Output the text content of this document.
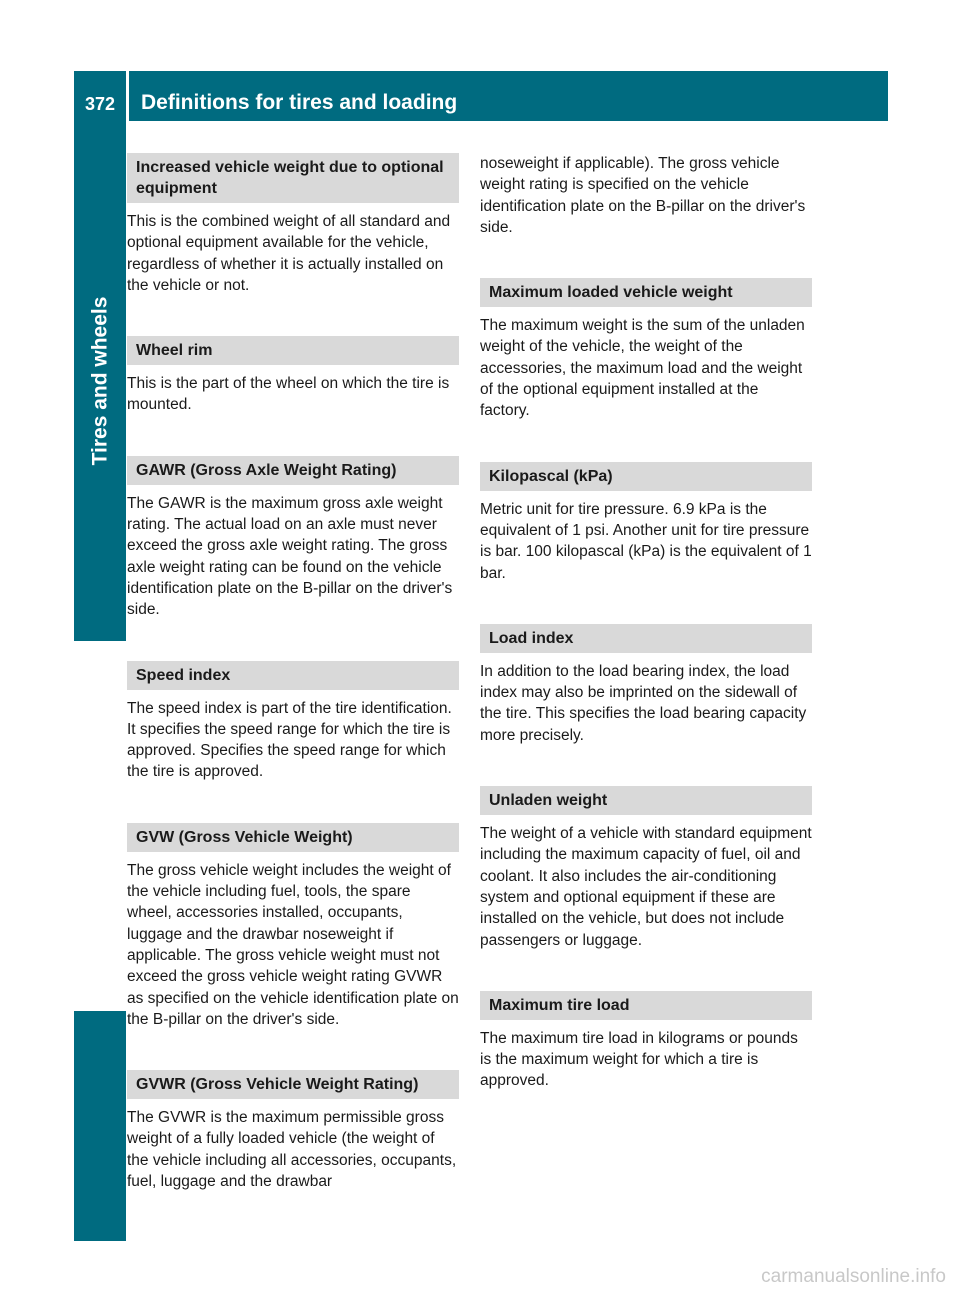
372	Definitions for tires and loading
Tires and wheels
Increased vehicle weight due to optional equipment

This is the combined weight of all standard and optional equipment available for the vehicle, regardless of whether it is actually installed on the vehicle or not.

Wheel rim

This is the part of the wheel on which the tire is mounted.

GAWR (Gross Axle Weight Rating)

The GAWR is the maximum gross axle weight rating. The actual load on an axle must never exceed the gross axle weight rating. The gross axle weight rating can be found on the vehicle identification plate on the B-pillar on the driver's side.

Speed index

The speed index is part of the tire identification. It specifies the speed range for which the tire is approved. Specifies the speed range for which the tire is approved.

GVW (Gross Vehicle Weight)

The gross vehicle weight includes the weight of the vehicle including fuel, tools, the spare wheel, accessories installed, occupants, luggage and the drawbar noseweight if applicable. The gross vehicle weight must not exceed the gross vehicle weight rating GVWR as specified on the vehicle identification plate on the B-pillar on the driver's side.

GVWR (Gross Vehicle Weight Rating)

The GVWR is the maximum permissible gross weight of a fully loaded vehicle (the weight of the vehicle including all accessories, occupants, fuel, luggage and the drawbar

noseweight if applicable). The gross vehicle weight rating is specified on the vehicle identification plate on the B-pillar on the driver's side.

Maximum loaded vehicle weight

The maximum weight is the sum of the unladen weight of the vehicle, the weight of the accessories, the maximum load and the weight of the optional equipment installed at the factory.

Kilopascal (kPa)

Metric unit for tire pressure. 6.9 kPa is the equivalent of 1 psi. Another unit for tire pressure is bar. 100 kilopascal (kPa) is the equivalent of 1 bar.

Load index

In addition to the load bearing index, the load index may also be imprinted on the sidewall of the tire. This specifies the load bearing capacity more precisely.

Unladen weight

The weight of a vehicle with standard equipment including the maximum capacity of fuel, oil and coolant. It also includes the air-conditioning system and optional equipment if these are installed on the vehicle, but does not include passengers or luggage.

Maximum tire load

The maximum tire load in kilograms or pounds is the maximum weight for which a tire is approved.

carmanualsonline.info
